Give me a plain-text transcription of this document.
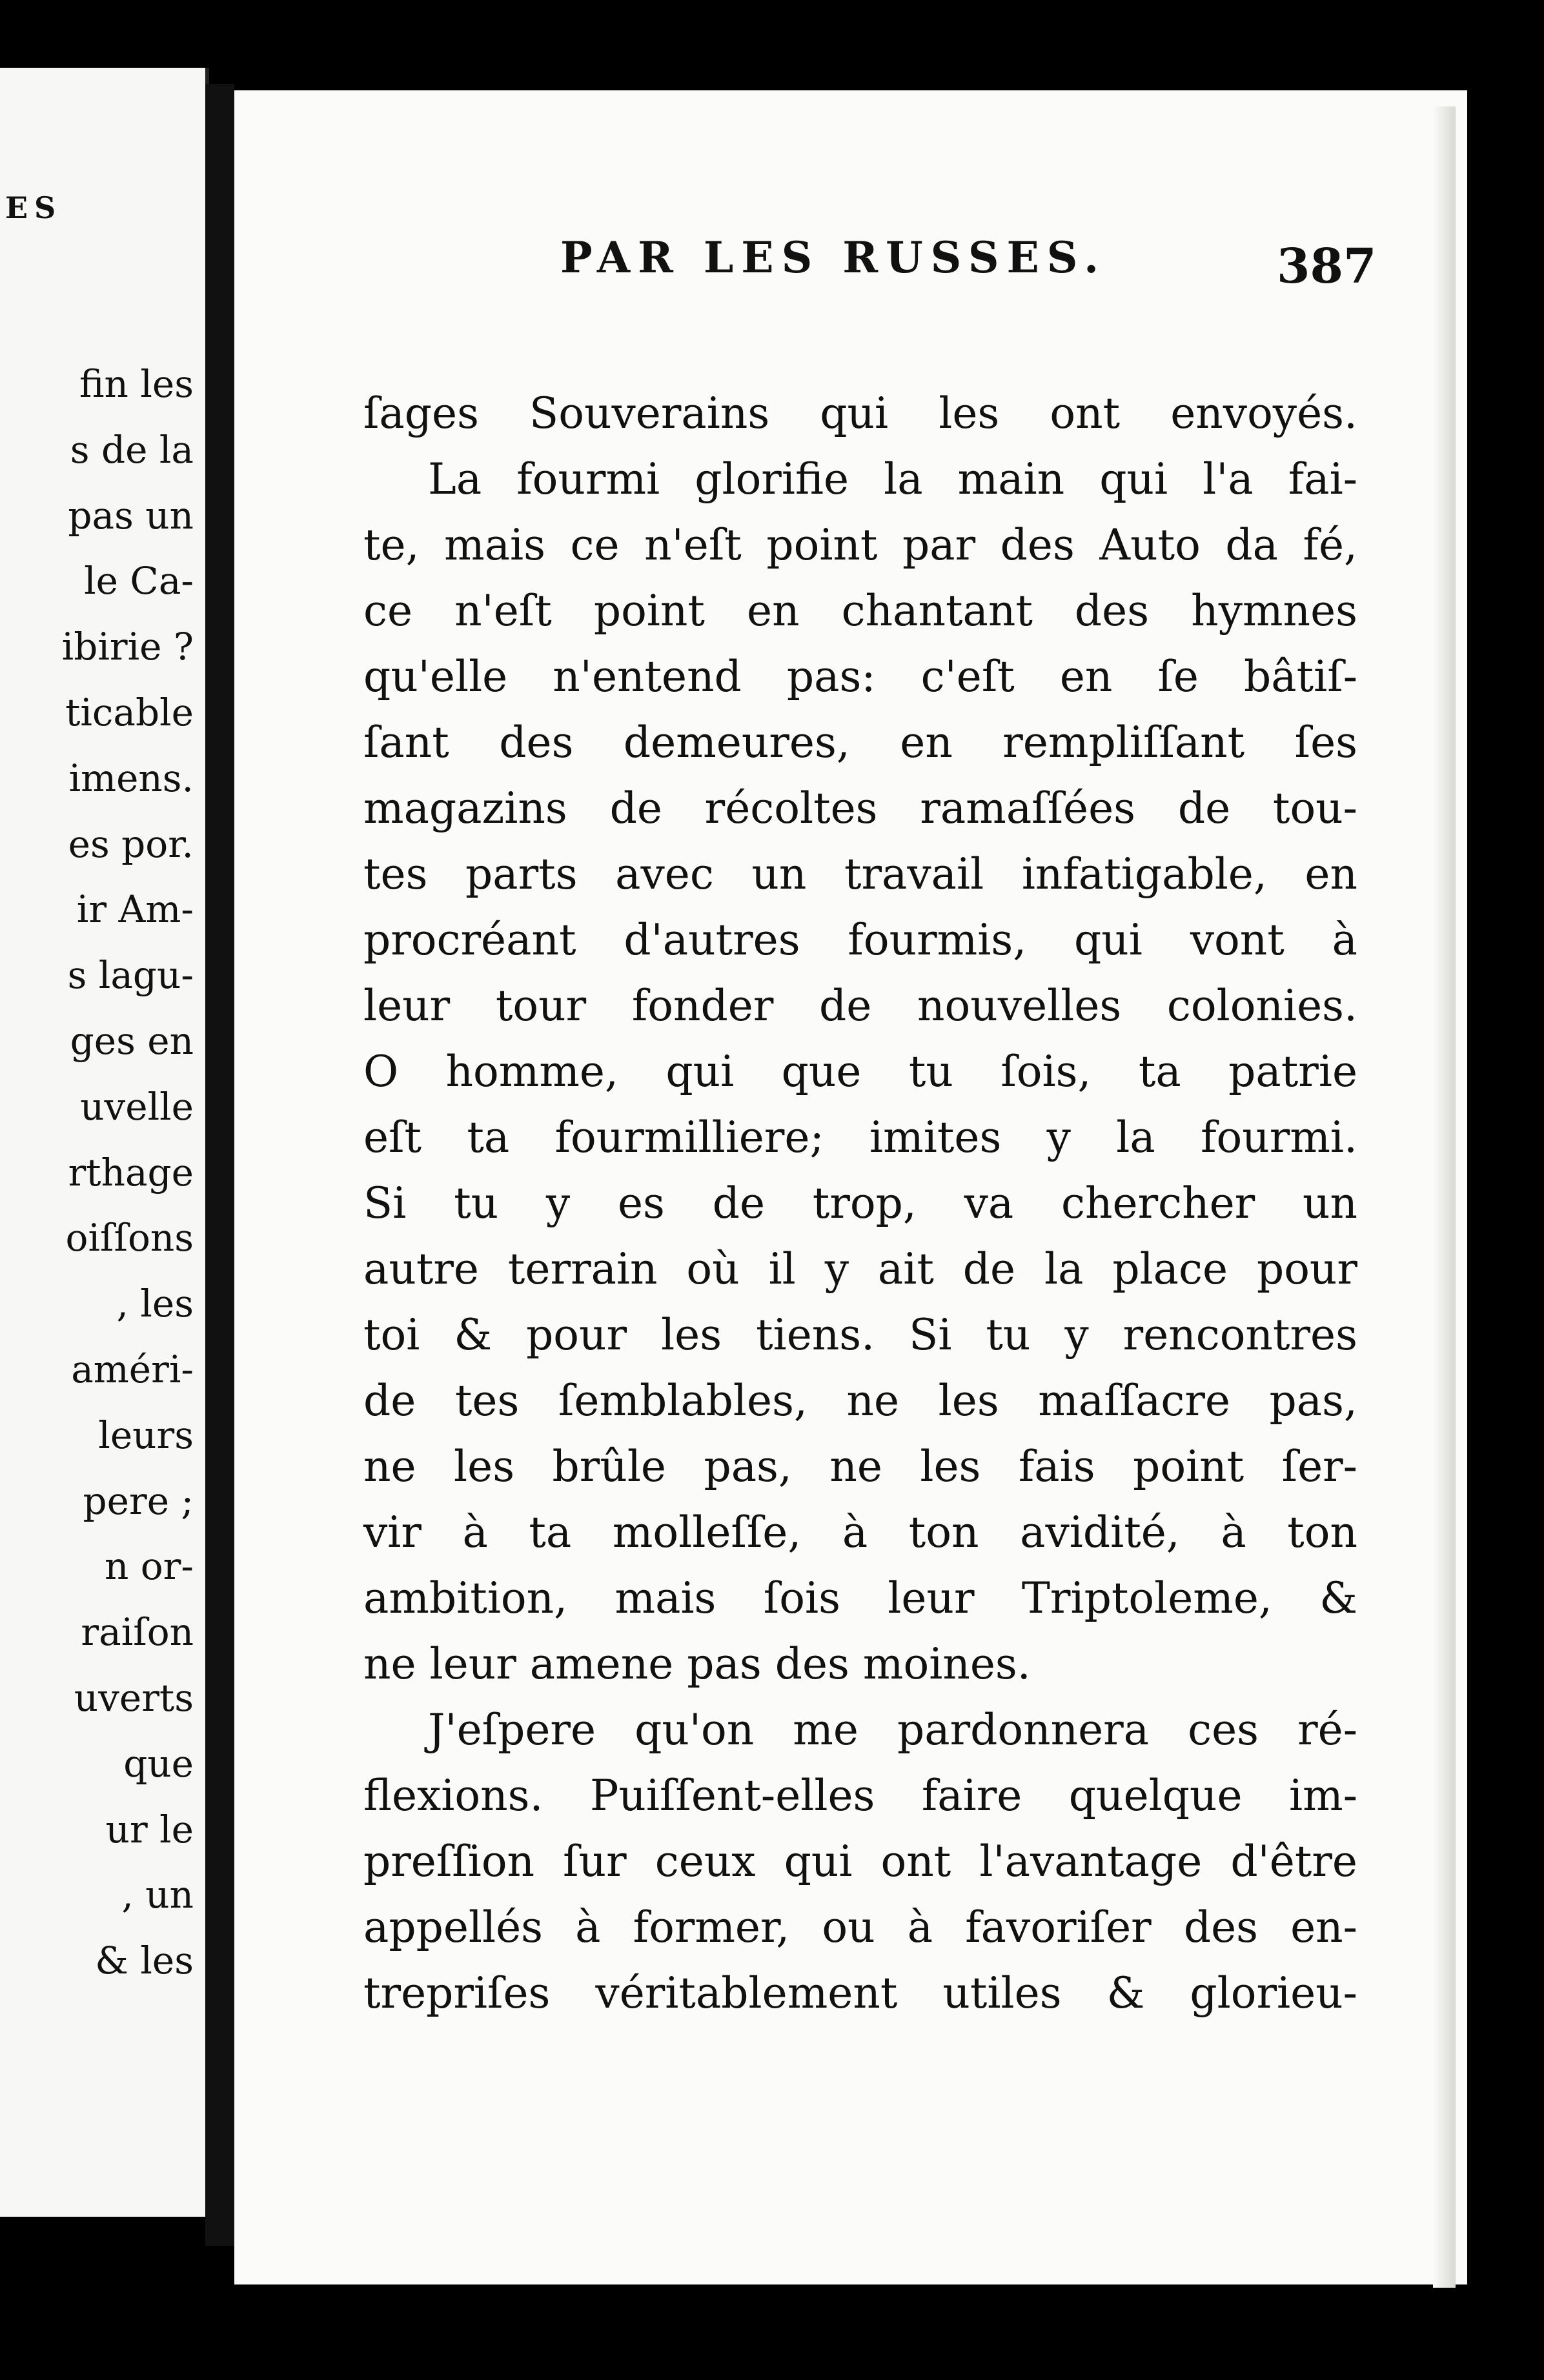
ES
fin les
s de la
pas un
le Ca-
ibirie ?
ticable
imens.
es por.
ir Am-
s lagu-
ges en
uvelle
rthage
oiſſons
, les
améri-
leurs
pere ;
n or-
raiſon
uverts
que
ur le
, un
& les
PAR LES RUSSES.	387
ſages Souverains qui les ont envoyés.
La fourmi glorifie la main qui l'a fai-
te, mais ce n'eſt point par des Auto da fé,
ce n'eſt point en chantant des hymnes
qu'elle n'entend pas: c'eſt en ſe bâtiſ-
ſant des demeures, en rempliſſant ſes
magazins de récoltes ramaſſées de tou-
tes parts avec un travail infatigable, en
procréant d'autres fourmis, qui vont à
leur tour fonder de nouvelles colonies.
O homme, qui que tu ſois, ta patrie
eſt ta fourmilliere; imites y la fourmi.
Si tu y es de trop, va chercher un
autre terrain où il y ait de la place pour
toi & pour les tiens. Si tu y rencontres
de tes ſemblables, ne les maſſacre pas,
ne les brûle pas, ne les fais point ſer-
vir à ta molleſſe, à ton avidité, à ton
ambition, mais ſois leur Triptoleme, &
ne leur amene pas des moines.
J'eſpere qu'on me pardonnera ces ré-
flexions. Puiſſent-elles faire quelque im-
preſſion ſur ceux qui ont l'avantage d'être
appellés à former, ou à favoriſer des en-
trepriſes véritablement utiles & glorieu-
